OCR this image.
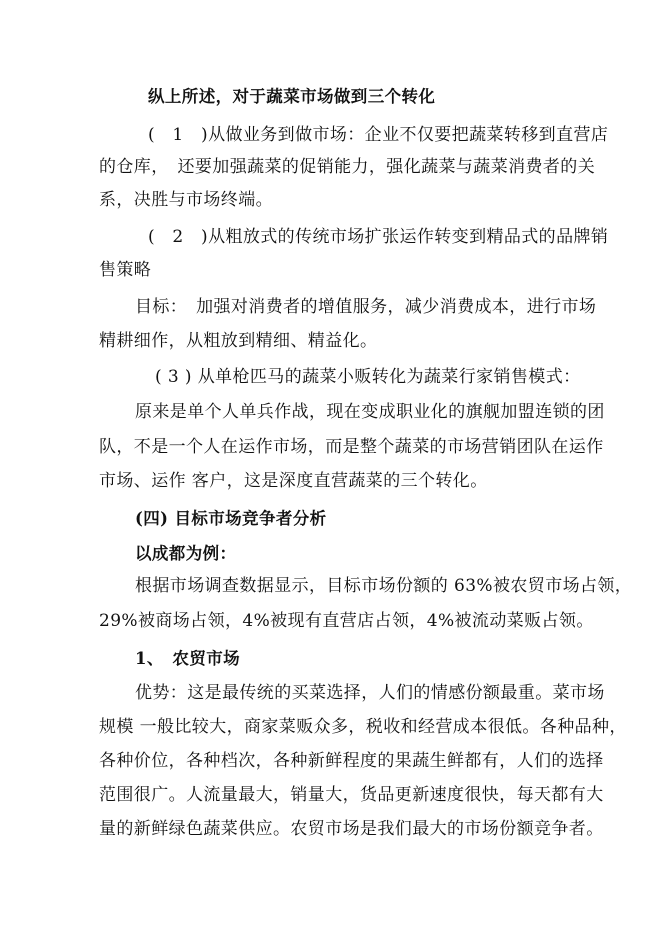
纵上所述，对于蔬菜市场做到三个转化
(　1　)从做业务到做市场：企业不仅要把蔬菜转移到直营店
的仓库，　还要加强蔬菜的促销能力，强化蔬菜与蔬菜消费者的关
系，决胜与市场终端。
(　2　)从粗放式的传统市场扩张运作转变到精品式的品牌销
售策略
目标：　加强对消费者的增值服务，减少消费成本，进行市场
精耕细作，从粗放到精细、精益化。
( 3 ) 从单枪匹马的蔬菜小贩转化为蔬菜行家销售模式：
原来是单个人单兵作战，现在变成职业化的旗舰加盟连锁的团
队，不是一个人在运作市场，而是整个蔬菜的市场营销团队在运作
市场、运作 客户，这是深度直营蔬菜的三个转化。
(四) 目标市场竞争者分析
以成都为例：
根据市场调查数据显示，目标市场份额的 63%被农贸市场占领，
29%被商场占领，4%被现有直营店占领，4%被流动菜贩占领。
1、　农贸市场
优势：这是最传统的买菜选择，人们的情感份额最重。菜市场
规模 一般比较大，商家菜贩众多，税收和经营成本很低。各种品种，
各种价位，各种档次，各种新鲜程度的果蔬生鲜都有，人们的选择
范围很广。人流量最大，销量大，货品更新速度很快，每天都有大
量的新鲜绿色蔬菜供应。农贸市场是我们最大的市场份额竞争者。
